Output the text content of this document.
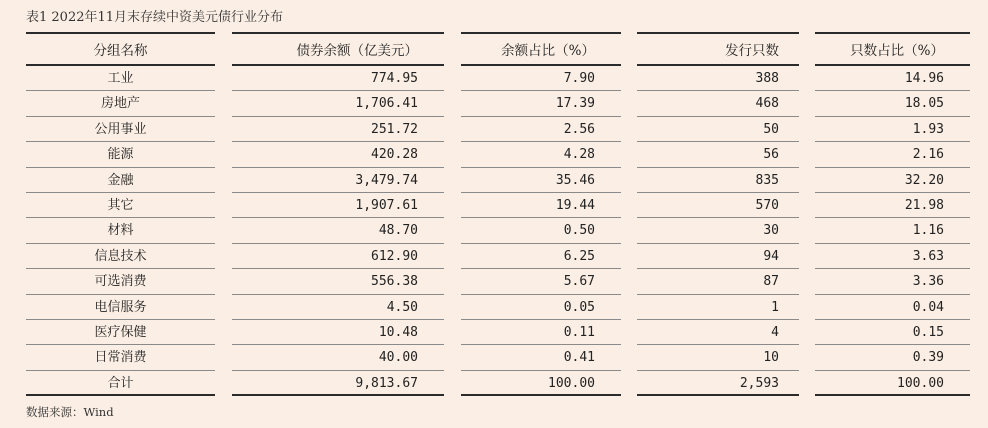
表1 2022年11月末存续中资美元债行业分布
分组名称
工业
房地产
公用事业
能源
金融
其它
材料
信息技术
可选消费
电信服务
医疗保健
日常消费
合计
债券余额（亿美元）
774.95
1,706.41
251.72
420.28
3,479.74
1,907.61
48.70
612.90
556.38
4.50
10.48
40.00
9,813.67
余额占比（%）
7.90
17.39
2.56
4.28
35.46
19.44
0.50
6.25
5.67
0.05
0.11
0.41
100.00
发行只数
388
468
50
56
835
570
30
94
87
1
4
10
2,593
只数占比（%）
14.96
18.05
1.93
2.16
32.20
21.98
1.16
3.63
3.36
0.04
0.15
0.39
100.00
数据来源：Wind
